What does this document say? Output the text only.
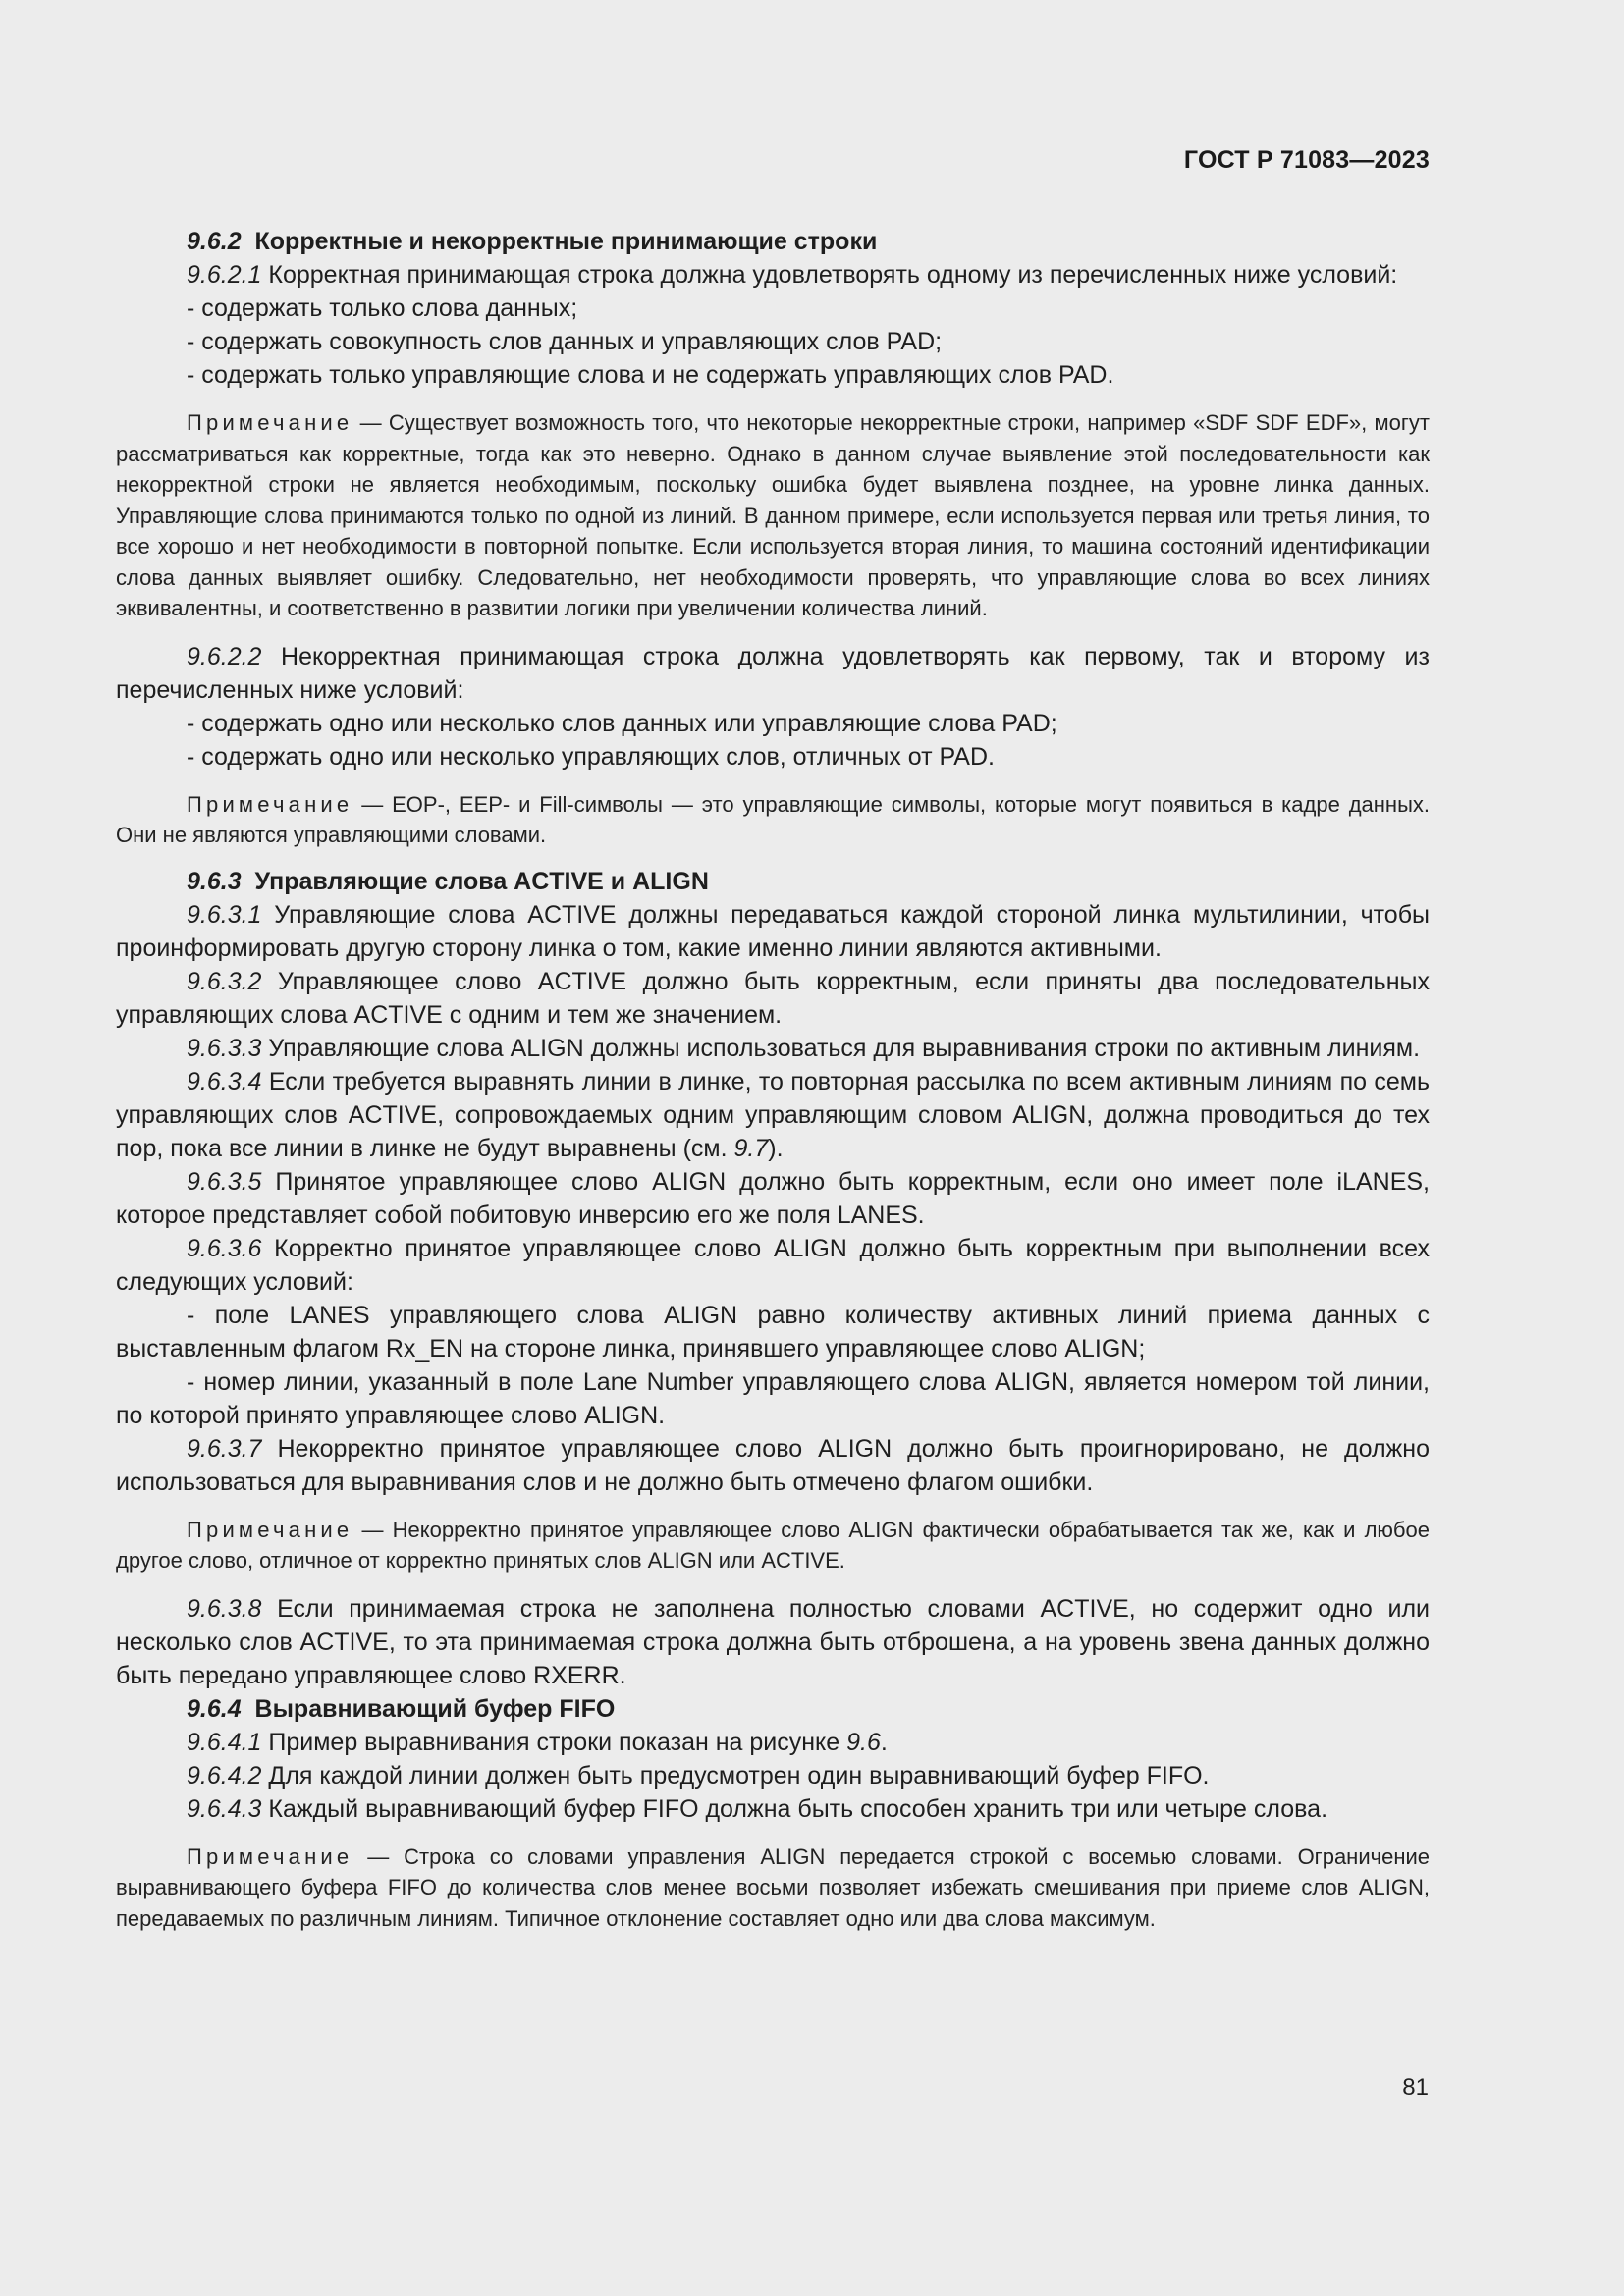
ГОСТ Р 71083—2023

9.6.2 Корректные и некорректные принимающие строки

9.6.2.1 Корректная принимающая строка должна удовлетворять одному из перечисленных ниже условий:

- содержать только слова данных;

- содержать совокупность слов данных и управляющих слов PAD;

- содержать только управляющие слова и не содержать управляющих слов PAD.

Примечание — Существует возможность того, что некоторые некорректные строки, например «SDF SDF EDF», могут рассматриваться как корректные, тогда как это неверно. Однако в данном случае выявление этой последовательности как некорректной строки не является необходимым, поскольку ошибка будет выявлена позднее, на уровне линка данных. Управляющие слова принимаются только по одной из линий. В данном примере, если используется первая или третья линия, то все хорошо и нет необходимости в повторной попытке. Если используется вторая линия, то машина состояний идентификации слова данных выявляет ошибку. Следовательно, нет необходимости проверять, что управляющие слова во всех линиях эквивалентны, и соответственно в развитии логики при увеличении количества линий.

9.6.2.2 Некорректная принимающая строка должна удовлетворять как первому, так и второму из перечисленных ниже условий:

- содержать одно или несколько слов данных или управляющие слова PAD;

- содержать одно или несколько управляющих слов, отличных от PAD.

Примечание — EOP-, EEP- и Fill-символы — это управляющие символы, которые могут появиться в кадре данных. Они не являются управляющими словами.

9.6.3 Управляющие слова ACTIVE и ALIGN

9.6.3.1 Управляющие слова ACTIVE должны передаваться каждой стороной линка мультилинии, чтобы проинформировать другую сторону линка о том, какие именно линии являются активными.

9.6.3.2 Управляющее слово ACTIVE должно быть корректным, если приняты два последовательных управляющих слова ACTIVE с одним и тем же значением.

9.6.3.3 Управляющие слова ALIGN должны использоваться для выравнивания строки по активным линиям.

9.6.3.4 Если требуется выравнять линии в линке, то повторная рассылка по всем активным линиям по семь управляющих слов ACTIVE, сопровождаемых одним управляющим словом ALIGN, должна проводиться до тех пор, пока все линии в линке не будут выравнены (см. 9.7).

9.6.3.5 Принятое управляющее слово ALIGN должно быть корректным, если оно имеет поле iLANES, которое представляет собой побитовую инверсию его же поля LANES.

9.6.3.6 Корректно принятое управляющее слово ALIGN должно быть корректным при выполнении всех следующих условий:

- поле LANES управляющего слова ALIGN равно количеству активных линий приема данных с выставленным флагом Rx_EN на стороне линка, принявшего управляющее слово ALIGN;

- номер линии, указанный в поле Lane Number управляющего слова ALIGN, является номером той линии, по которой принято управляющее слово ALIGN.

9.6.3.7 Некорректно принятое управляющее слово ALIGN должно быть проигнорировано, не должно использоваться для выравнивания слов и не должно быть отмечено флагом ошибки.

Примечание — Некорректно принятое управляющее слово ALIGN фактически обрабатывается так же, как и любое другое слово, отличное от корректно принятых слов ALIGN или ACTIVE.

9.6.3.8 Если принимаемая строка не заполнена полностью словами ACTIVE, но содержит одно или несколько слов ACTIVE, то эта принимаемая строка должна быть отброшена, а на уровень звена данных должно быть передано управляющее слово RXERR.

9.6.4 Выравнивающий буфер FIFO

9.6.4.1 Пример выравнивания строки показан на рисунке 9.6.

9.6.4.2 Для каждой линии должен быть предусмотрен один выравнивающий буфер FIFO.

9.6.4.3 Каждый выравнивающий буфер FIFO должна быть способен хранить три или четыре слова.

Примечание — Строка со словами управления ALIGN передается строкой с восемью словами. Ограничение выравнивающего буфера FIFO до количества слов менее восьми позволяет избежать смешивания при приеме слов ALIGN, передаваемых по различным линиям. Типичное отклонение составляет одно или два слова максимум.

81
